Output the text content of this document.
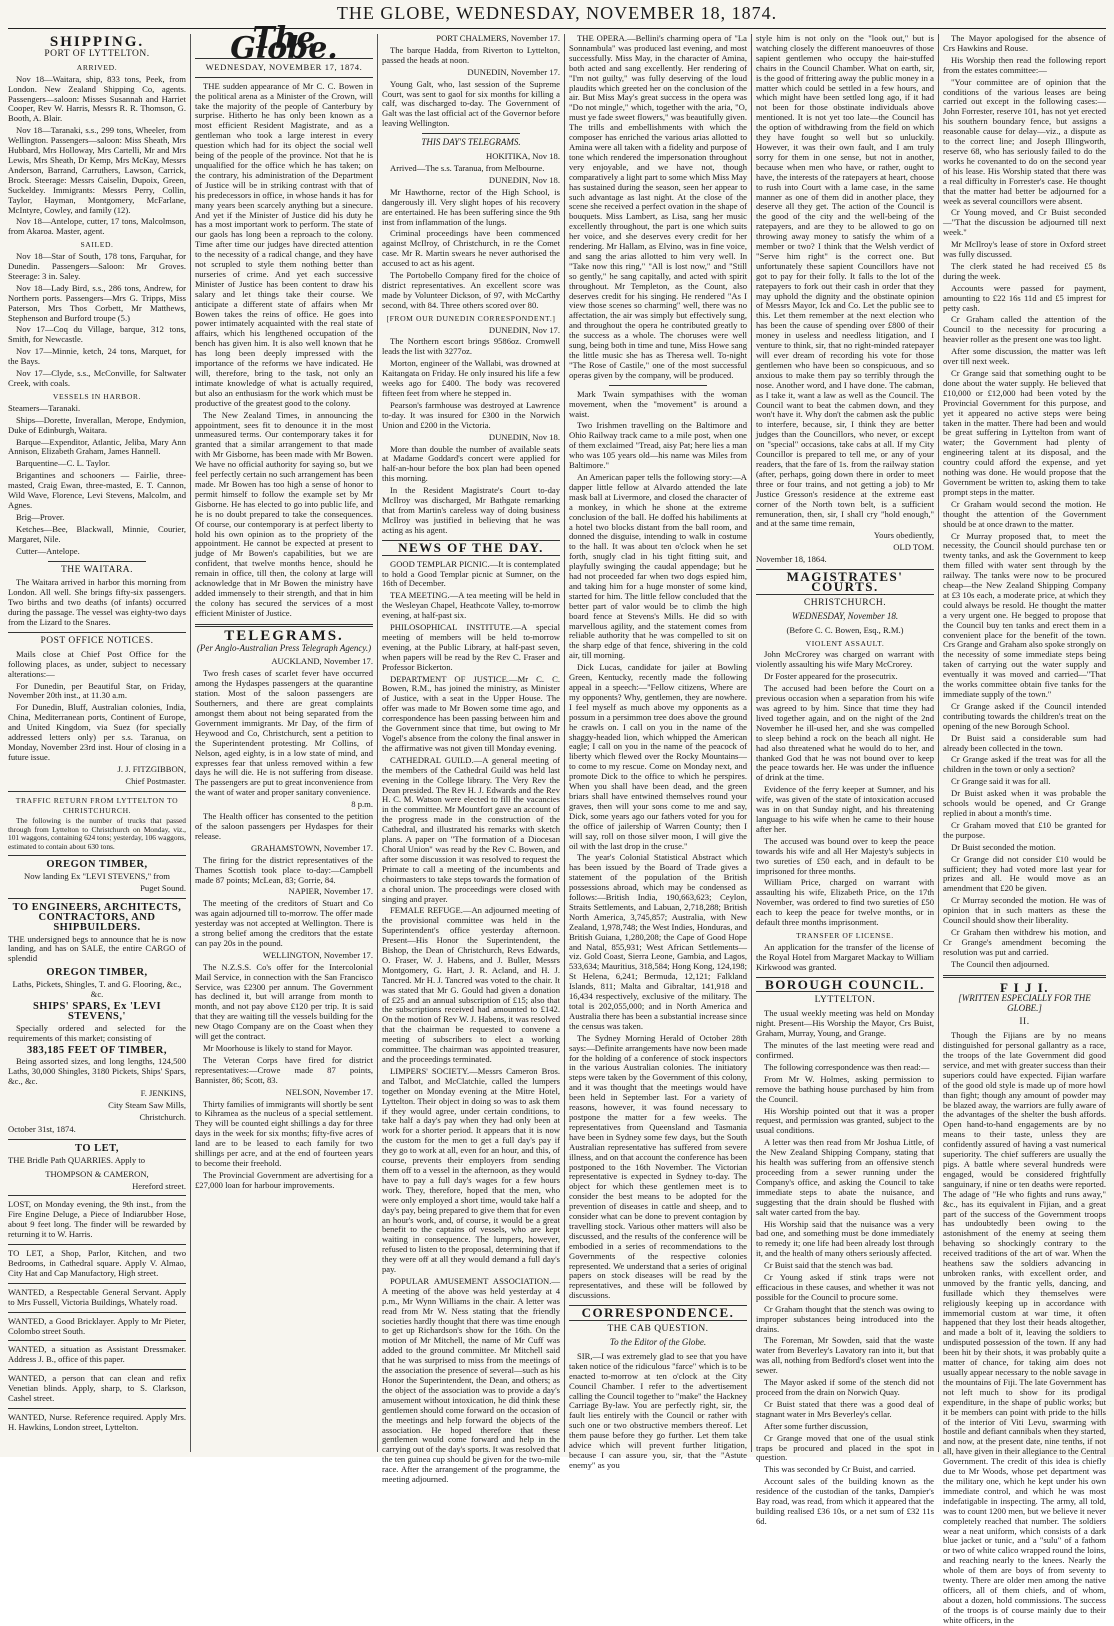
THE GLOBE, WEDNESDAY, NOVEMBER 18, 1874.
SHIPPING.
PORT OF LYTTELTON.
ARRIVED.

Nov 18—Waitara, ship, 833 tons, Peek, from London. New Zealand Shipping Co, agents. Passengers—saloon: Misses Susannah and Harriet Cooper, Rev W. Harris, Messrs R. R. Thomson, G. Booth, A. Blair.

Nov 18—Taranaki, s.s., 299 tons, Wheeler, from Wellington. Passengers—saloon: Miss Sheath, Mrs Hubbard, Mrs Holloway, Mrs Cartelli, Mr and Mrs Lewis, Mrs Sheath, Dr Kemp, Mrs McKay, Messrs Anderson, Barrand, Carruthers, Lawson, Carrick, Brock. Steerage: Messrs Caiselin, Dupoix, Green, Suckeldey. Immigrants: Messrs Perry, Collin, Taylor, Hayman, Montgomery, McFarlane, McIntyre, Cowley, and family (12).

Nov 18—Antelope, cutter, 17 tons, Malcolmson, from Akaroa. Master, agent.

SAILED.

Nov 18—Star of South, 178 tons, Farquhar, for Dunedin. Passengers—Saloon: Mr Groves. Steerage: 3 in. Saley.

Nov 18—Lady Bird, s.s., 286 tons, Andrew, for Northern ports. Passengers—Mrs G. Tripps, Miss Paterson, Mrs Thos Corbett, Mr Matthews, Stephenson and Burford troupe (5.)

Nov 17—Coq du Village, barque, 312 tons, Smith, for Newcastle.

Nov 17—Minnie, ketch, 24 tons, Marquet, for the Bays.

Nov 17—Clyde, s.s., McConville, for Saltwater Creek, with coals.

VESSELS IN HARBOR.

Steamers—Taranaki.

Ships—Dorette, Inverallan, Merope, Endymion, Duke of Edinburgh, Waitara.

Barque—Expenditor, Atlantic, Jeliba, Mary Ann Annison, Elizabeth Graham, James Hannell.

Barquentine—C. L. Taylor.

Brigantines and schooners — Fairlie, three-masted, Craig Ewan, three-masted, E. T. Cannon, Wild Wave, Florence, Levi Stevens, Malcolm, and Agnes.

Brig—Prover.

Ketches—Bee, Blackwall, Minnie, Courier, Margaret, Nile.

Cutter—Antelope.

THE WAITARA.

The Waitara arrived in harbor this morning from London. All well. She brings fifty-six passengers. Two births and two deaths (of infants) occurred during the passage. The vessel was eighty-two days from the Lizard to the Snares.

POST OFFICE NOTICES.

Mails close at Chief Post Office for the following places, as under, subject to necessary alterations:—

For Dunedin, per Beautiful Star, on Friday, November 20th inst., at 11.30 a.m.

For Dunedin, Bluff, Australian colonies, India, China, Mediterranean ports, Continent of Europe, and United Kingdom, via Suez (for specially addressed letters only) per s.s. Taranua, on Monday, November 23rd inst. Hour of closing in a future issue.

J. J. FITZGIBBON,

Chief Postmaster.

TRAFFIC RETURN FROM LYTTELTON TO CHRISTCHURCH.

The following is the number of trucks that passed through from Lyttelton to Christchurch on Monday, viz., 101 waggons, containing 624 tons; yesterday, 106 waggons, estimated to contain about 630 tons.

OREGON TIMBER,

Now landing Ex "LEVI STEVENS," from

Puget Sound.

TO ENGINEERS, ARCHITECTS, CONTRACTORS, AND SHIPBUILDERS.

THE undersigned begs to announce that he is now landing, and has on SALE, the entire CARGO of splendid

OREGON TIMBER,

Laths, Pickets, Shingles, T. and G. Flooring, &c., &c.

SHIPS' SPARS, Ex 'LEVI STEVENS,'

Specially ordered and selected for the requirements of this market; consisting of

383,185 FEET OF TIMBER,

Being assorted sizes, and long lengths, 124,500 Laths, 30,000 Shingles, 3180 Pickets, Ships' Spars, &c., &c.

F. JENKINS,

City Steam Saw Mills,

Christchurch.

October 31st, 1874.

TO LET,

THE Bridle Path QUARRIES. Apply to

THOMPSON & CAMERON,

Hereford street.

LOST, on Monday evening, the 9th inst., from the Fire Engine Deluge, a Piece of Indiarubber Hose, about 9 feet long. The finder will be rewarded by returning it to W. Harris.

TO LET, a Shop, Parlor, Kitchen, and two Bedrooms, in Cathedral square. Apply V. Almao, City Hat and Cap Manufactory, High street.

WANTED, a Respectable General Servant. Apply to Mrs Fussell, Victoria Buildings, Whately road.

WANTED, a Good Bricklayer. Apply to Mr Pieter, Colombo street South.

WANTED, a situation as Assistant Dressmaker. Address J. B., office of this paper.

WANTED, a person that can clean and refix Venetian blinds. Apply, sharp, to S. Clarkson, Cashel street.

WANTED, Nurse. Reference required. Apply Mrs. H. Hawkins, London street, Lyttelton.

The Globe.
WEDNESDAY, NOVEMBER 17, 1874.

THE sudden appearance of Mr C. C. Bowen in the political arena as a Minister of the Crown, will take the majority of the people of Canterbury by surprise. Hitherto he has only been known as a most efficient Resident Magistrate, and as a gentleman who took a large interest in every question which had for its object the social well being of the people of the province. Not that he is unqualified for the office which he has taken; on the contrary, his administration of the Department of Justice will be in striking contrast with that of his predecessors in office, in whose hands it has for many years been scarcely anything but a sinecure. And yet if the Minister of Justice did his duty he has a most important work to perform. The state of our gaols has long been a reproach to the colony. Time after time our judges have directed attention to the necessity of a radical change, and they have not scrupled to style them nothing better than nurseries of crime. And yet each successive Minister of Justice has been content to draw his salary and let things take their course. We anticipate a different state of affairs when Mr Bowen takes the reins of office. He goes into power intimately acquainted with the real state of affairs, which his lengthened occupation of the bench has given him. It is also well known that he has long been deeply impressed with the importance of the reforms we have indicated. He will, therefore, bring to the task, not only an intimate knowledge of what is actually required, but also an enthusiasm for the work which must be productive of the greatest good to the colony.

The New Zealand Times, in announcing the appointment, sees fit to denounce it in the most unmeasured terms. Our contemporary takes it for granted that a similar arrangement to that made with Mr Gisborne, has been made with Mr Bowen. We have no official authority for saying so, but we feel perfectly certain no such arrangement has been made. Mr Bowen has too high a sense of honor to permit himself to follow the example set by Mr Gisborne. He has elected to go into public life, and he is no doubt prepared to take the consequences. Of course, our contemporary is at perfect liberty to hold his own opinion as to the propriety of the appointment. He cannot be expected at present to judge of Mr Bowen's capabilities, but we are confident, that twelve months hence, should he remain in office, till then, the colony at large will acknowledge that in Mr Bowen the ministry have added immensely to their strength, and that in him the colony has secured the services of a most efficient Minister of Justice.

TELEGRAMS.
(Per Anglo-Australian Press Telegraph Agency.)

AUCKLAND, November 17.

Two fresh cases of scarlet fever have occurred among the Hydaspes passengers at the quarantine station. Most of the saloon passengers are Southerners, and there are great complaints amongst them about not being separated from the Government immigrants. Mr Day, of the firm of Heywood and Co, Christchurch, sent a petition to the Superintendent protesting. Mr Collins, of Nelson, aged eighty, is in a low state of mind, and expresses fear that unless removed within a few days he will die. He is not suffering from disease. The passengers are put to great inconvenience from the want of water and proper sanitary convenience.

8 p.m.

The Health officer has consented to the petition of the saloon passengers per Hydaspes for their release.

GRAHAMSTOWN, November 17.

The firing for the district representatives of the Thames Scottish took place to-day:—Campbell made 87 points; McLean, 83; Gorrie, 84.

NAPIER, November 17.

The meeting of the creditors of Stuart and Co was again adjourned till to-morrow. The offer made yesterday was not accepted at Wellington. There is a strong belief among the creditors that the estate can pay 20s in the pound.

WELLINGTON, November 17.

The N.Z.S.S. Co's offer for the Intercolonial Mail Service, in connection with the San Francisco Service, was £2300 per annum. The Government has declined it, but will arrange from month to month, and not pay above £120 per trip. It is said that they are waiting till the vessels building for the new Otago Company are on the Coast when they will get the contract.

Mr Moorhouse is likely to stand for Mayor.

The Veteran Corps have fired for district representatives:—Crowe made 87 points, Bannister, 86; Scott, 83.

NELSON, November 17.

Thirty families of immigrants will shortly be sent to Kihramea as the nucleus of a special settlement. They will be counted eight shillings a day for three days in the week for six months; fifty-five acres of land are to be leased to each family for two shillings per acre, and at the end of fourteen years to become their freehold.

The Provincial Government are advertising for a £27,000 loan for harbour improvements.

PORT CHALMERS, November 17.

The barque Hadda, from Riverton to Lyttelton, passed the heads at noon.

DUNEDIN, November 17.

Young Galt, who, last session of the Supreme Court, was sent to gaol for six months for killing a calf, was discharged to-day. The Government of Galt was the last official act of the Governor before leaving Wellington.

THIS DAY'S TELEGRAMS.

HOKITIKA, Nov 18.

Arrived—The s.s. Taranua, from Melbourne.

DUNEDIN, Nov 18.

Mr Hawthorne, rector of the High School, is dangerously ill. Very slight hopes of his recovery are entertained. He has been suffering since the 9th inst from inflammation of the lungs.

Criminal proceedings have been commenced against McIlroy, of Christchurch, in re the Comet case. Mr R. Martin swears he never authorised the accused to act as his agent.

The Portobello Company fired for the choice of district representatives. An excellent score was made by Volunteer Dickson, of 97, with McCarthy second, with 84. Three others scored over 80.

[FROM OUR DUNEDIN CORRESPONDENT.]

DUNEDIN, Nov 17.

The Northern escort brings 9586oz. Cromwell leads the list with 3277oz.

Morton, engineer of the Wallabi, was drowned at Kaitangata on Friday. He only insured his life a few weeks ago for £400. The body was recovered fifteen feet from where he stepped in.

Pearson's farmhouse was destroyed at Lawrence to-day. It was insured for £300 in the Norwich Union and £200 in the Victoria.

DUNEDIN, Nov 18.

More than double the number of available seats at Madame Goddard's concert were applied for half-an-hour before the box plan had been opened this morning.

In the Resident Magistrate's Court to-day McIlroy was discharged, Mr Bathgate remarking that from Martin's careless way of doing business McIlroy was justified in believing that he was acting as his agent.

NEWS OF THE DAY.

GOOD TEMPLAR PICNIC.—It is contemplated to hold a Good Templar picnic at Sumner, on the 16th of December.

TEA MEETING.—A tea meeting will be held in the Wesleyan Chapel, Heathcote Valley, to-morrow evening, at half-past six.

PHILOSOPHICAL INSTITUTE.—A special meeting of members will be held to-morrow evening, at the Public Library, at half-past seven, when papers will be read by the Rev C. Fraser and Professor Bickerton.

DEPARTMENT OF JUSTICE.—Mr C. C. Bowen, R.M., has joined the ministry, as Minister of Justice, with a seat in the Upper House. The offer was made to Mr Bowen some time ago, and correspondence has been passing between him and the Government since that time, but owing to Mr Vogel's absence from the colony the final answer in the affirmative was not given till Monday evening.

CATHEDRAL GUILD.—A general meeting of the members of the Cathedral Guild was held last evening in the College library. The Very Rev the Dean presided. The Rev H. J. Edwards and the Rev H. C. M. Watson were elected to fill the vacancies in the committee. Mr Mountfort gave an account of the progress made in the construction of the Cathedral, and illustrated his remarks with sketch plans. A paper on "The formation of a Diocesan Choral Union" was read by the Rev C. Bowen, and after some discussion it was resolved to request the Primate to call a meeting of the incumbents and choirmasters to take steps towards the formation of a choral union. The proceedings were closed with singing and prayer.

FEMALE REFUGE.—An adjourned meeting of the provisional committee was held in the Superintendent's office yesterday afternoon. Present—His Honor the Superintendent, the Bishop, the Dean of Christchurch, Revs Edwards, O. Fraser, W. J. Habens, and J. Buller, Messrs Montgomery, G. Hart, J. R. Acland, and H. J. Tancred. Mr H. J. Tancred was voted to the chair. It was stated that Mr G. Gould had given a donation of £25 and an annual subscription of £15; also that the subscriptions received had amounted to £142. On the motion of Rev W. J. Habens, it was resolved that the chairman be requested to convene a meeting of subscribers to elect a working committee. The chairman was appointed treasurer, and the proceedings terminated.

LIMPERS' SOCIETY.—Messrs Cameron Bros. and Talbot, and McClatchie, called the lumpers together on Monday evening at the Mitre Hotel, Lyttelton. Their object in doing so was to ask them if they would agree, under certain conditions, to take half a day's pay when they had only been at work for a shorter period. It appears that it is now the custom for the men to get a full day's pay if they go to work at all, even for an hour, and this, of course, prevents their employers from sending them off to a vessel in the afternoon, as they would have to pay a full day's wages for a few hours work. They, therefore, hoped that the men, who were only employed a short time, would take half a day's pay, being prepared to give them that for even an hour's work, and, of course, it would be a great benefit to the captains of vessels, who are kept waiting in consequence. The lumpers, however, refused to listen to the proposal, determining that if they were off at all they would demand a full day's pay.

POPULAR AMUSEMENT ASSOCIATION.—A meeting of the above was held yesterday at 4 p.m., Mr Wynn Williams in the chair. A letter was read from Mr W. Ness stating that the friendly societies hardly thought that there was time enough to get up Richardson's show for the 16th. On the motion of Mr Mitchell, the name of Mr Cuff was added to the ground committee. Mr Mitchell said that he was surprised to miss from the meetings of the association the presence of several—such as his Honor the Superintendent, the Dean, and others; as the object of the association was to provide a day's amusement without intoxication, he did think these gentlemen should come forward on the occasion of the meetings and help forward the objects of the association. He hoped therefore that these gentlemen would come forward and help in the carrying out of the day's sports. It was resolved that the ten guinea cup should be given for the two-mile race. After the arrangement of the programme, the meeting adjourned.

THE OPERA.—Bellini's charming opera of "La Sonnambula" was produced last evening, and most successfully. Miss May, in the character of Amina, both acted and sang excellently. Her rendering of "I'm not guilty," was fully deserving of the loud plaudits which greeted her on the conclusion of the air. But Miss May's great success in the opera was "Do not mingle," which, together with the aria, "O, must ye fade sweet flowers," was beautifully given. The trills and embellishments with which the composer has enriched the various arias allotted to Amina were all taken with a fidelity and purpose of tone which rendered the impersonation throughout very enjoyable, and we have not, though comparatively a light part to some which Miss May has sustained during the season, seen her appear to such advantage as last night. At the close of the scene she received a perfect ovation in the shape of bouquets. Miss Lambert, as Lisa, sang her music excellently throughout, the part is one which suits her voice, and she deserves every credit for her rendering. Mr Hallam, as Elvino, was in fine voice, and sang the arias allotted to him very well. In "Take now this ring," "All is lost now," and "Still so gently," he sang capitally, and acted with spirit throughout. Mr Templeton, as the Count, also deserves credit for his singing. He rendered "As I view those scenes so charming" well, there was no affectation, the air was simply but effectively sung, and throughout the opera he contributed greatly to the success as a whole. The choruses were well sung, being both in time and tune, Miss Howe sang the little music she has as Theresa well. To-night "The Rose of Castile," one of the most successful operas given by the company, will be produced.

Mark Twain sympathises with the woman movement, when the "movement" is around a waist.

Two Irishmen travelling on the Baltimore and Ohio Railway track came to a mile post, when one of them exclaimed "Tread, aisy Pat; here lies a man who was 105 years old—his name was Miles from Baltimore."

An American paper tells the following story:—A dapper little fellow at Alvardo attended the late mask ball at Livermore, and closed the character of a monkey, in which he shone at the extreme conclusion of the ball. He doffed his habiliments at a hotel two blocks distant from the ball room, and donned the disguise, intending to walk in costume to the hall. It was about ten o'clock when he set forth, snugly clad in his tight fitting suit, and playfully swinging the caudal appendage; but he had not proceeded far when two dogs espied him, and taking him for a huge monster of some kind, started for him. The little fellow concluded that the better part of valor would be to climb the high board fence at Stevens's Mills. He did so with marvellous agility, and the statement comes from reliable authority that he was compelled to sit on the sharp edge of that fence, shivering in the cold air, till morning.

Dick Lucas, candidate for jailer at Bowling Green, Kentucky, recently made the following appeal in a speech:—"Fellow citizens, Where are my opponents? Why, gentlemen, they are nowhere. I feel myself as much above my opponents as a possum in a persimmon tree does above the ground he crawls on. I call on you in the name of the shaggy-headed lion, which whipped the American eagle; I call on you in the name of the peacock of liberty which flewed over the Rocky Mountains—to come to my rescue. Come on Monday next, and promote Dick to the office to which he perspires. When you shall have been dead, and the green briars shall have entwined themselves round your graves, then will your sons come to me and say, Dick, some years ago our fathers voted for you for the office of jailership of Warren County; then I will say, roll on those silver moon, I will give the oil with the last drop in the cruse."

The year's Colonial Statistical Abstract which has been issued by the Board of Trade gives a statement of the population of the British possessions abroad, which may be condensed as follows:—British India, 190,663,623; Ceylon, Straits Settlements, and Labuan, 2,718,288; British North America, 3,745,857; Australia, with New Zealand, 1,978,748; the West Indies, Honduras, and British Guiana, 1,280,208; the Cape of Good Hope and Natal, 855,931; West African Settlements—viz. Gold Coast, Sierra Leone, Gambia, and Lagos, 533,634; Mauritius, 318,584; Hong Kong, 124,198; St Helena, 6,241; Bermuda, 12,121; Falkland Islands, 811; Malta and Gibraltar, 141,918 and 16,434 respectively, exclusive of the military. The total is 202,055,000; and in North America and Australia there has been a substantial increase since the census was taken.

The Sydney Morning Herald of October 28th says:—Definite arrangements have now been made for the holding of a conference of stock inspectors in the various Australian colonies. The initiatory steps were taken by the Government of this colony, and it was thought that the meetings would have been held in September last. For a variety of reasons, however, it was found necessary to postpone the matter for a few weeks. The representatives from Queensland and Tasmania have been in Sydney some few days, but the South Australian representative has suffered from severe illness, and on that account the conference has been postponed to the 16th November. The Victorian representative is expected in Sydney to-day. The object for which these gentlemen meet is to consider the best means to be adopted for the prevention of diseases in cattle and sheep, and to consider what can be done to prevent contagion by travelling stock. Various other matters will also be discussed, and the results of the conference will be embodied in a series of recommendations to the Governments of the respective colonies represented. We understand that a series of original papers on stock diseases will be read by the representatives, and these will be followed by discussions.

CORRESPONDENCE.
THE CAB QUESTION.
To the Editor of the Globe.

SIR,—I was extremely glad to see that you have taken notice of the ridiculous "farce" which is to be enacted to-morrow at ten o'clock at the City Council Chamber. I refer to the advertisement calling the Council together to "make" the Hackney Carriage By-law. You are perfectly right, sir, the fault lies entirely with the Council or rather with such one or two obstructive members thereof. Let them pause before they go further. Let them take advice which will prevent further litigation, because I can assure you, sir, that the "Astute enemy" as you

style him is not only on the "look out," but is watching closely the different manoeuvres of those sapient gentlemen who occupy the hair-stuffed chairs in the Council Chamber. What on earth, sir, is the good of frittering away the public money in a matter which could be settled in a few hours, and which might have been settled long ago, if it had not been for those obstinate individuals above mentioned. It is not yet too late—the Council has the option of withdrawing from the field on which they have fought so well but so unluckily. However, it was their own fault, and I am truly sorry for them in one sense, but not in another, because when men who have, or rather, ought to have, the interests of the ratepayers at heart, choose to rush into Court with a lame case, in the same manner as one of them did in another place, they deserve all they get. The action of the Council is the good of the city and the well-being of the ratepayers, and are they to be allowed to go on throwing away money to satisfy the whim of a member or two? I think that the Welsh verdict of "Serve him right" is the correct one. But unfortunately these sapient Councillors have not got to pay for their folly. It falls to the lot of the ratepayers to fork out their cash in order that they may uphold the dignity and the obstinate opinion of Messrs Mayor, Ick and Co. Let the public see to this. Let them remember at the next election who has been the cause of spending over £800 of their money in useless and needless litigation, and I venture to think, sir, that no right-minded ratepayer will ever dream of recording his vote for those gentlemen who have been so conspicuous, and so anxious to make them pay so terribly through the nose. Another word, and I have done. The cabman, as I take it, want a law as well as the Council. The Council want to beat the cabmen down, and they won't have it. Why don't the cabmen ask the public to interfere, because, sir, I think they are better judges than the Councillors, who never, or except on "special" occasions, take cabs at all. If my City Councillor is prepared to tell me, or any of your readers, that the fare of 1s. from the railway station (after, perhaps, going down there in order to meet three or four trains, and not getting a job) to Mr Justice Gresson's residence at the extreme east corner of the North town belt, is a sufficient remuneration, then, sir, I shall cry "hold enough," and at the same time remain,

Yours obediently,

OLD TOM.

November 18, 1864.

MAGISTRATES' COURTS.
CHRISTCHURCH.
WEDNESDAY, November 18.

(Before C. C. Bowen, Esq., R.M.)

VIOLENT ASSAULT.

John McCrorey was charged on warrant with violently assaulting his wife Mary McCrorey.

Dr Foster appeared for the prosecutrix.

The accused had been before the Court on a previous occasion when a separation from his wife was agreed to by him. Since that time they had lived together again, and on the night of the 2nd November he ill-used her, and she was compelled to sleep behind a rock on the beach all night. He had also threatened what he would do to her, and thanked God that he was not bound over to keep the peace towards her. He was under the influence of drink at the time.

Evidence of the ferry keeper at Sumner, and his wife, was given of the state of intoxication accused was in on that Sunday night, and his threatening language to his wife when he came to their house after her.

The accused was bound over to keep the peace towards his wife and all Her Majesty's subjects in two sureties of £50 each, and in default to be imprisoned for three months.

William Price, charged on warrant with assaulting his wife, Elizabeth Price, on the 17th November, was ordered to find two sureties of £50 each to keep the peace for twelve months, or in default three months imprisonment.

TRANSFER OF LICENSE.

An application for the transfer of the license of the Royal Hotel from Margaret Mackay to William Kirkwood was granted.

BOROUGH COUNCIL.
LYTTELTON.

The usual weekly meeting was held on Monday night. Present—His Worship the Mayor, Crs Buist, Graham, Murray, Young, and Grange.

The minutes of the last meeting were read and confirmed.

The following correspondence was then read:—

From Mr W. Holmes, asking permission to remove the bathing house purchased by him from the Council.

His Worship pointed out that it was a proper request, and permission was granted, subject to the usual conditions.

A letter was then read from Mr Joshua Little, of the New Zealand Shipping Company, stating that his health was suffering from an offensive stench proceeding from a sewer running under the Company's office, and asking the Council to take immediate steps to abate the nuisance, and suggesting that the drain should be flushed with salt water carted from the bay.

His Worship said that the nuisance was a very bad one, and something must be done immediately to remedy it; one life had been already lost through it, and the health of many others seriously affected.

Cr Buist said that the stench was bad.

Cr Young asked if stink traps were not efficacious in these causes, and whether it was not possible for the Council to procure some.

Cr Graham thought that the stench was owing to improper substances being introduced into the drains.

The Foreman, Mr Sowden, said that the waste water from Beverley's Lavatory ran into it, but that was all, nothing from Bedford's closet went into the sewer.

The Mayor asked if some of the stench did not proceed from the drain on Norwich Quay.

Cr Buist stated that there was a good deal of stagnant water in Mrs Beverley's cellar.

After some further discussion,

Cr Grange moved that one of the usual stink traps be procured and placed in the spot in question.

This was seconded by Cr Buist, and carried.

Account sales of the building known as the residence of the custodian of the tanks, Dampier's Bay road, was read, from which it appeared that the building realised £36 10s, or a net sum of £32 11s 6d.

The Mayor apologised for the absence of Crs Hawkins and Rouse.

His Worship then read the following report from the estates committee:—

"Your committee are of opinion that the conditions of the various leases are being carried out except in the following cases:—John Forrester, reserve 101, has not yet erected his southern boundary fence, but assigns a reasonable cause for delay—viz., a dispute as to the correct line; and Joseph Illingworth, reserve 68, who has seriously failed to do the works he covenanted to do on the second year of his lease. His Worship stated that there was a real difficulty in Forrester's case. He thought that the matter had better be adjourned for a week as several councillors were absent.

Cr Young moved, and Cr Buist seconded—"That the discussion be adjourned till next week."

Mr McIlroy's lease of store in Oxford street was fully discussed.

The clerk stated he had received £5 8s during the week.

Accounts were passed for payment, amounting to £22 16s 11d and £5 imprest for petty cash.

Cr Graham called the attention of the Council to the necessity for procuring a heavier roller as the present one was too light.

After some discussion, the matter was left over till next week.

Cr Grange said that something ought to be done about the water supply. He believed that £10,000 or £12,000 had been voted by the Provincial Government for this purpose, and yet it appeared no active steps were being taken in the matter. There had been and would be great suffering in Lyttelton from want of water; the Government had plenty of engineering talent at its disposal, and the country could afford the expense, and yet nothing was done. He would propose that the Government be written to, asking them to take prompt steps in the matter.

Cr Graham would second the motion. He thought the attention of the Government should be at once drawn to the matter.

Cr Murray proposed that, to meet the necessity, the Council should purchase ten or twenty tanks, and ask the Government to keep them filled with water sent through by the railway. The tanks were now to be procured cheap—the New Zealand Shipping Company at £3 10s each, a moderate price, at which they could always be resold. He thought the matter a very urgent one. He begged to propose that the Council buy ten tanks and erect them in a convenient place for the benefit of the town. Crs Grange and Graham also spoke strongly on the necessity of some immediate steps being taken of carrying out the water supply and eventually it was moved and carried—"That the works committee obtain five tanks for the immediate supply of the town."

Cr Grange asked if the Council intended contributing towards the children's treat on the opening of the new Borough School.

Dr Buist said a considerable sum had already been collected in the town.

Cr Grange asked if the treat was for all the children in the town or only a section?

Cr Grange said it was for all.

Dr Buist asked when it was probable the schools would be opened, and Cr Grange replied in about a month's time.

Cr Graham moved that £10 be granted for the purpose.

Dr Buist seconded the motion.

Cr Grange did not consider £10 would be sufficient; they had voted more last year for prizes and all. He would move as an amendment that £20 be given.

Cr Murray seconded the motion. He was of opinion that in such matters as these the Council should show their liberality.

Cr Graham then withdrew his motion, and Cr Grange's amendment becoming the resolution was put and carried.

The Council then adjourned.

F I J I.
[WRITTEN ESPECIALLY FOR THE GLOBE.]
II.

Though the Fijians are by no means distinguished for personal gallantry as a race, the troops of the late Government did good service, and met with greater success than their superiors could have expected. Fijian warfare of the good old style is made up of more howl than fight; though any amount of powder may be blazed away, the warriors are fully aware of the advantages of the shelter the bush affords. Open hand-to-hand engagements are by no means to their taste, unless they are confidently assured of having a vast numerical superiority. The chief sufferers are usually the pigs. A battle where several hundreds were engaged, would be considered frightfully sanguinary, if nine or ten deaths were reported. The adage of "He who fights and runs away," &c., has its equivalent in Fijian, and a great part of the success of the Government troops has undoubtedly been owing to the astonishment of the enemy at seeing them behaving so shockingly contrary to the received traditions of the art of war. When the heathens saw the soldiers advancing in unbroken ranks, with excellent order, and unmoved by the frantic yells, dancing, and fusillade which they themselves were religiously keeping up in accordance with immemorial custom at war time, it often happened that they lost their heads altogether, and made a bolt of it, leaving the soldiers to undisputed possession of the town. If any had been hit by their shots, it was probably quite a matter of chance, for taking aim does not usually appear necessary to the noble savage in the mountains of Fiji. The late Government has not left much to show for its prodigal expenditure, in the shape of public works; but it be members can point with pride to the hills of the interior of Viti Levu, swarming with hostile and defiant cannibals when they started, and now, at the present date, nine tenths, if not all, have given in their allegiance to the Central Government. The credit of this idea is chiefly due to Mr Woods, whose pet department was the military one, which he kept under his own immediate control, and which he was most indefatigable in inspecting. The army, all told, was to count 1200 men, but we believe it never completely reached that number. The soldiers wear a neat uniform, which consists of a dark blue jacket or tunic, and a "sulu" of a fathom or two of white calico wrapped round the loins, and reaching nearly to the knees. Nearly the whole of them are boys of from seventy to twenty. There are older men among the native officers, all of them chiefs, and of whom, about a dozen, hold commissions. The success of the troops is of course mainly due to their white officers, in the
